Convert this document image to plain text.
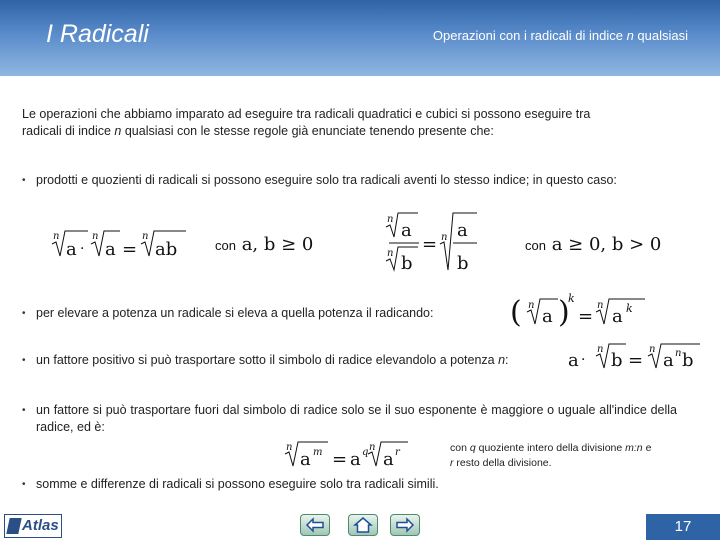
I Radicali	Operazioni con i radicali di indice n qualsiasi
Le operazioni che abbiamo imparato ad eseguire tra radicali quadratici e cubici si possono eseguire tra
radicali di indice n qualsiasi con le stesse regole già enunciate tenendo presente che:
• prodotti e quozienti di radicali si possono eseguire solo tra radicali aventi lo stesso indice; in questo caso:
n
a ·
n
a =
n
ab	con a, b ≥ 0
n
a
n b
= n a
b
con a ≥ 0, b > 0
• per elevare a potenza un radicale si eleva a quella potenza il radicando:	( n
a )
k
=
n
a k
• un fattore positivo si può trasportare sotto il simbolo di radice elevandolo a potenza n:	a ·
n
b =
n
a n b
• un fattore si può trasportare fuori dal simbolo di radice solo se il suo esponente è maggiore o uguale all'indice della radice, ed è:
n
a m = a q n
a r	con q quoziente intero della divisione m:n e
r resto della divisione.
• somme e differenze di radicali si possono eseguire solo tra radicali simili.
Atlas	17
